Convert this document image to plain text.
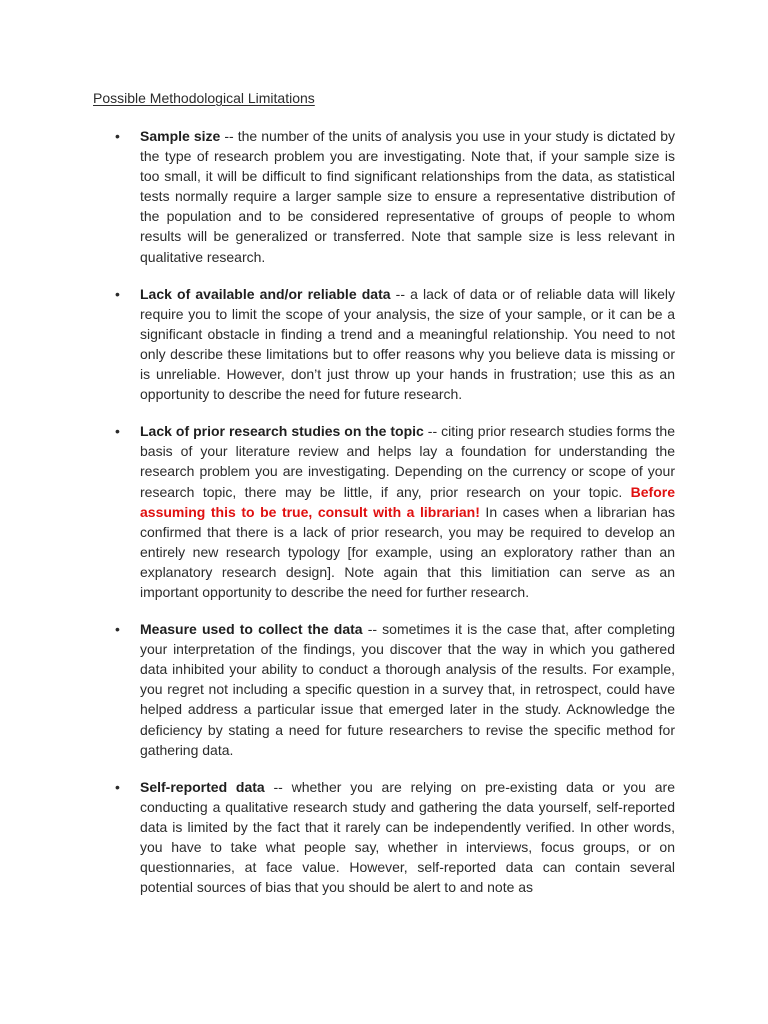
Possible Methodological Limitations
• Sample size -- the number of the units of analysis you use in your study is dictated by the type of research problem you are investigating. Note that, if your sample size is too small, it will be difficult to find significant relationships from the data, as statistical tests normally require a larger sample size to ensure a representative distribution of the population and to be considered representative of groups of people to whom results will be generalized or transferred. Note that sample size is less relevant in qualitative research.
• Lack of available and/or reliable data -- a lack of data or of reliable data will likely require you to limit the scope of your analysis, the size of your sample, or it can be a significant obstacle in finding a trend and a meaningful relationship. You need to not only describe these limitations but to offer reasons why you believe data is missing or is unreliable. However, don’t just throw up your hands in frustration; use this as an opportunity to describe the need for future research.
• Lack of prior research studies on the topic -- citing prior research studies forms the basis of your literature review and helps lay a foundation for understanding the research problem you are investigating. Depending on the currency or scope of your research topic, there may be little, if any, prior research on your topic. Before assuming this to be true, consult with a librarian! In cases when a librarian has confirmed that there is a lack of prior research, you may be required to develop an entirely new research typology [for example, using an exploratory rather than an explanatory research design]. Note again that this limitiation can serve as an important opportunity to describe the need for further research.
• Measure used to collect the data -- sometimes it is the case that, after completing your interpretation of the findings, you discover that the way in which you gathered data inhibited your ability to conduct a thorough analysis of the results. For example, you regret not including a specific question in a survey that, in retrospect, could have helped address a particular issue that emerged later in the study. Acknowledge the deficiency by stating a need for future researchers to revise the specific method for gathering data.
• Self-reported data -- whether you are relying on pre-existing data or you are conducting a qualitative research study and gathering the data yourself, self-reported data is limited by the fact that it rarely can be independently verified. In other words, you have to take what people say, whether in interviews, focus groups, or on questionnaries, at face value. However, self-reported data can contain several potential sources of bias that you should be alert to and note as
